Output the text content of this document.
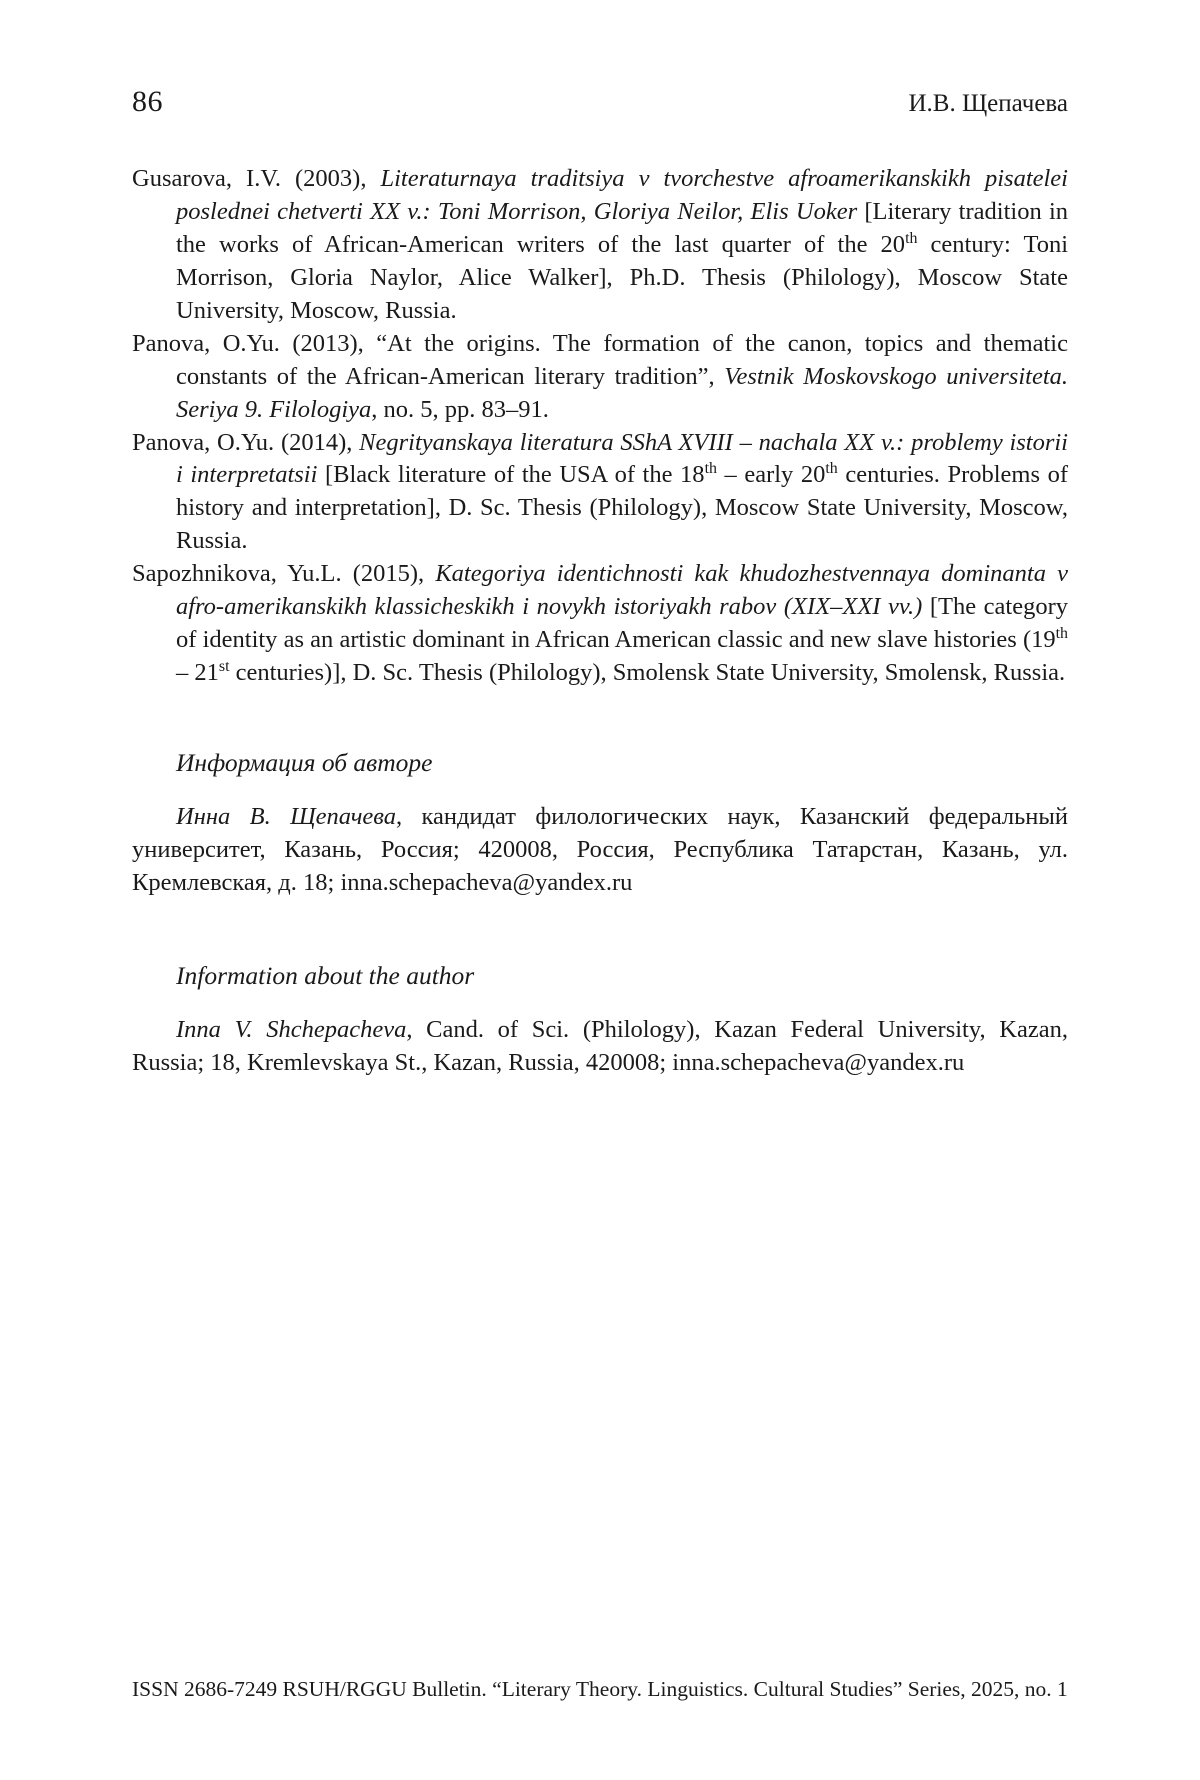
86	И.В. Щепачева
Gusarova, I.V. (2003), Literaturnaya traditsiya v tvorchestve afroamerikanskikh pisatelei poslednei chetverti XX v.: Toni Morrison, Gloriya Neilor, Elis Uoker [Literary tradition in the works of African-American writers of the last quarter of the 20th century: Toni Morrison, Gloria Naylor, Alice Walker], Ph.D. Thesis (Philology), Moscow State University, Moscow, Russia.
Panova, O.Yu. (2013), “At the origins. The formation of the canon, topics and thematic constants of the African-American literary tradition”, Vestnik Moskovskogo universiteta. Seriya 9. Filologiya, no. 5, pp. 83–91.
Panova, O.Yu. (2014), Negrityanskaya literatura SShA XVIII – nachala XX v.: problemy istorii i interpretatsii [Black literature of the USA of the 18th – early 20th centuries. Problems of history and interpretation], D. Sc. Thesis (Philology), Moscow State University, Moscow, Russia.
Sapozhnikova, Yu.L. (2015), Kategoriya identichnosti kak khudozhestvennaya dominanta v afro-amerikanskikh klassicheskikh i novykh istoriyakh rabov (XIX–XXI vv.) [The category of identity as an artistic dominant in African American classic and new slave histories (19th – 21st centuries)], D. Sc. Thesis (Philology), Smolensk State University, Smolensk, Russia.
Информация об авторе
Инна В. Щепачева, кандидат филологических наук, Казанский федеральный университет, Казань, Россия; 420008, Россия, Республика Татарстан, Казань, ул. Кремлевская, д. 18; inna.schepacheva@yandex.ru
Information about the author
Inna V. Shchepacheva, Cand. of Sci. (Philology), Kazan Federal University, Kazan, Russia; 18, Kremlevskaya St., Kazan, Russia, 420008; inna.schepacheva@yandex.ru
ISSN 2686-7249 RSUH/RGGU Bulletin. “Literary Theory. Linguistics. Cultural Studies” Series, 2025, no. 1
